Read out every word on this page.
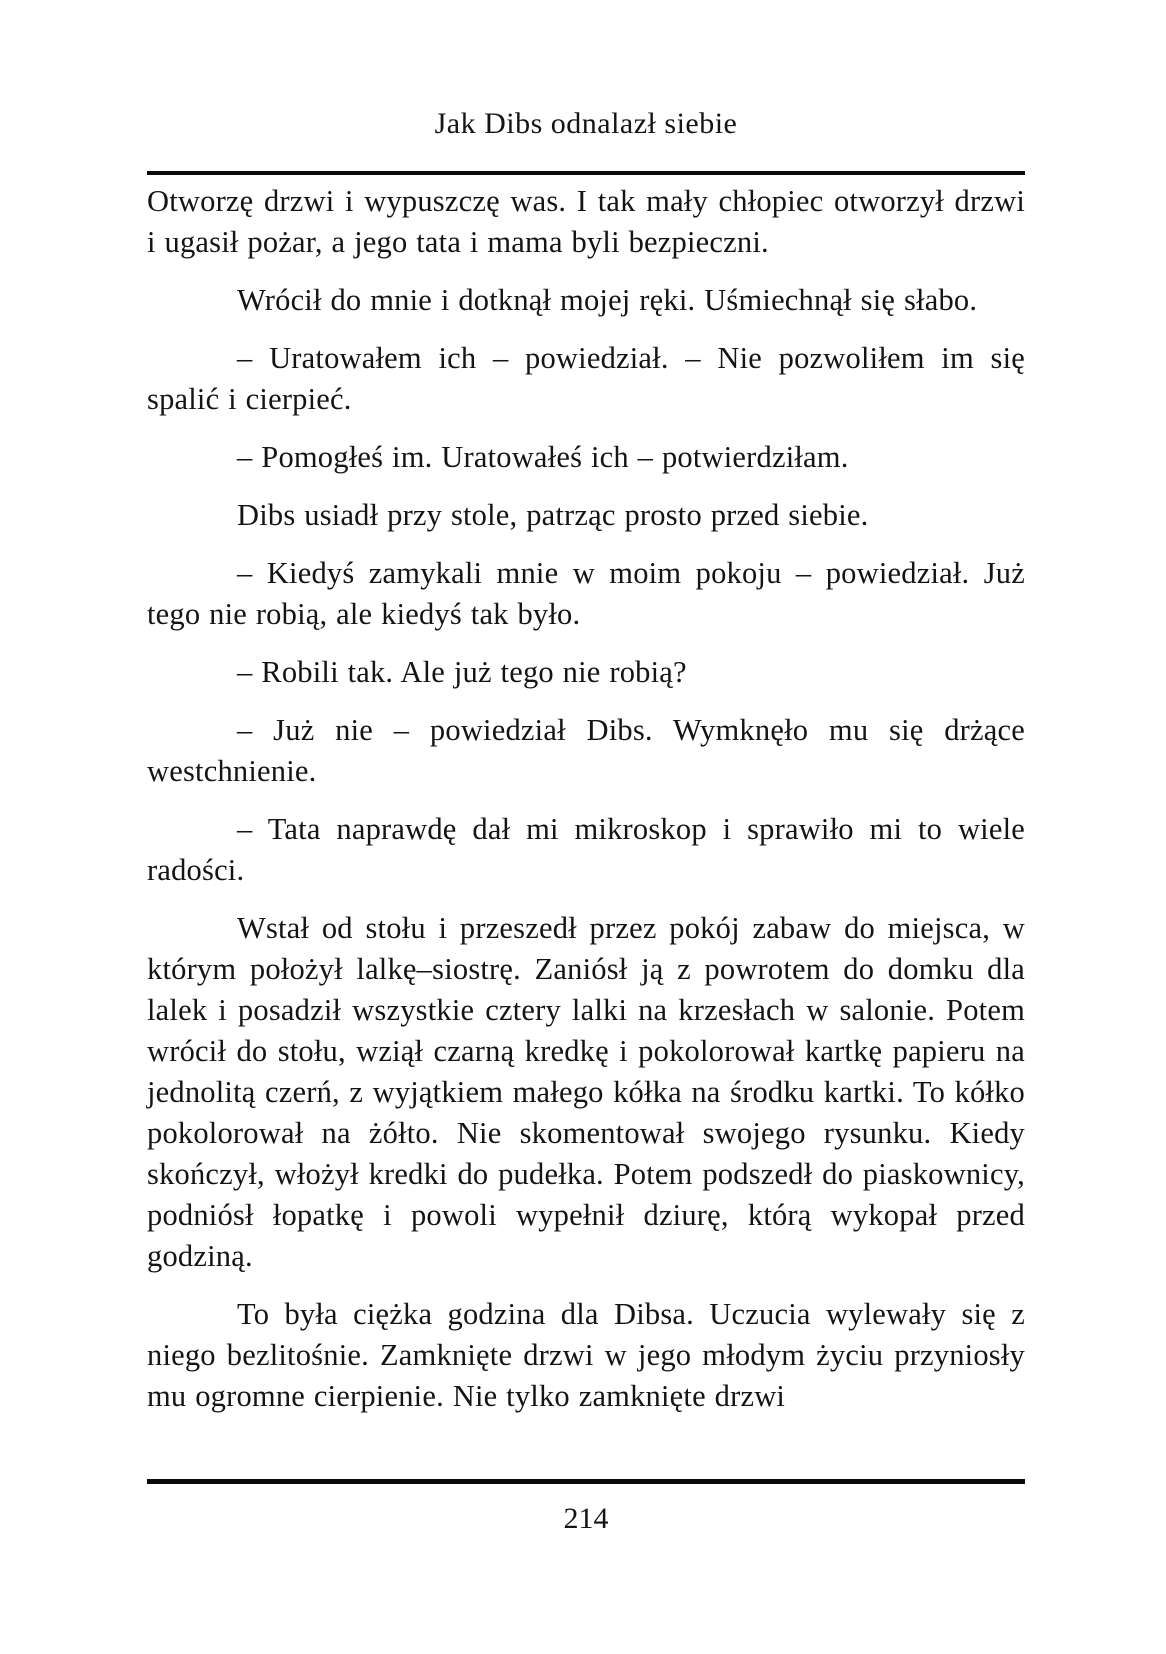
Jak Dibs odnalazł siebie

Otworzę drzwi i wypuszczę was. I tak mały chłopiec otworzył drzwi i ugasił pożar, a jego tata i mama byli bezpieczni.

Wrócił do mnie i dotknął mojej ręki. Uśmiechnął się słabo.

– Uratowałem ich – powiedział. – Nie pozwoliłem im się spalić i cierpieć.

– Pomogłeś im. Uratowałeś ich – potwierdziłam.

Dibs usiadł przy stole, patrząc prosto przed siebie.

– Kiedyś zamykali mnie w moim pokoju – powiedział. Już tego nie robią, ale kiedyś tak było.

– Robili tak. Ale już tego nie robią?

– Już nie – powiedział Dibs. Wymknęło mu się drżące westchnienie.

– Tata naprawdę dał mi mikroskop i sprawiło mi to wiele radości.

Wstał od stołu i przeszedł przez pokój zabaw do miejsca, w którym położył lalkę–siostrę. Zaniósł ją z powrotem do domku dla lalek i posadził wszystkie cztery lalki na krzesłach w salonie. Potem wrócił do stołu, wziął czarną kredkę i pokolorował kartkę papieru na jednolitą czerń, z wyjątkiem małego kółka na środku kartki. To kółko pokolorował na żółto. Nie skomentował swojego rysunku. Kiedy skończył, włożył kredki do pudełka. Potem podszedł do piaskownicy, podniósł łopatkę i powoli wypełnił dziurę, którą wykopał przed godziną.

To była ciężka godzina dla Dibsa. Uczucia wylewały się z niego bezlitośnie. Zamknięte drzwi w jego młodym życiu przyniosły mu ogromne cierpienie. Nie tylko zamknięte drzwi

214
